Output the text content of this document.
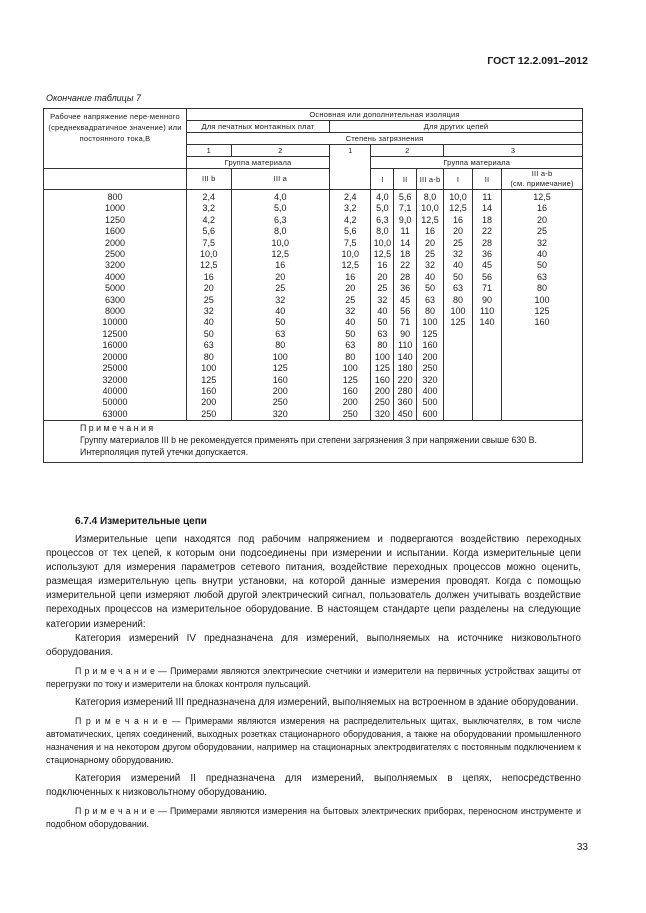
ГОСТ 12.2.091–2012
Окончание таблицы 7
Рабочее напряжение пере-менного (среднеквадратичное значение) или постоянного тока,В	Основная или дополнительная изоляция								
	Для печатных монтажных плат		Для других цепей						
	Степень загрязнения								
	1	2	1	2			3		
	Группа материала			Группа материала					
	III b	III a		I	II	III a-b	I	II	III a-b
(см. примечание)
800	2,4	4,0	2,4	4,0	5,6	8,0	10,0	11	12,5
1000	3,2	5,0	3,2	5,0	7,1	10,0	12,5	14	16
1250	4,2	6,3	4,2	6,3	9,0	12,5	16	18	20
1600	5,6	8,0	5,6	8,0	11	16	20	22	25
2000	7,5	10,0	7,5	10,0	14	20	25	28	32
2500	10,0	12,5	10,0	12,5	18	25	32	36	40
3200	12,5	16	12,5	16	22	32	40	45	50
4000	16	20	16	20	28	40	50	56	63
5000	20	25	20	25	36	50	63	71	80
6300	25	32	25	32	45	63	80	90	100
8000	32	40	32	40	56	80	100	110	125
10000	40	50	40	50	71	100	125	140	160
12500	50	63	50	63	90	125			
16000	63	80	63	80	110	160			
20000	80	100	80	100	140	200			
25000	100	125	100	125	180	250			
32000	125	160	125	160	220	320			
40000	160	200	160	200	280	400			
50000	200	250	200	250	360	500			
63000	250	320	250	320	450	600			

П р и м е ч а н и я
Группу материалов III b не рекомендуется применять при степени загрязнения 3 при напряжении свыше 630 В.
Интерполяция путей утечки допускается.									
6.7.4 Измерительные цепи

Измерительные цепи находятся под рабочим напряжением и подвергаются воздействию переходных процессов от тех цепей, к которым они подсоединены при измерении и испытании. Когда измерительные цепи используют для измерения параметров сетевого питания, воздействие переходных процессов можно оценить, размещая измерительную цепь внутри установки, на которой данные измерения проводят. Когда с помощью измерительной цепи измеряют любой другой электрический сигнал, пользователь должен учитывать воздействие переходных процессов на измерительное оборудование. В настоящем стандарте цепи разделены на следующие категории измерений:

Категория измерений IV предназначена для измерений, выполняемых на источнике низковольтного оборудования.

П р и м е ч а н и е — Примерами являются электрические счетчики и измерители на первичных устройствах защиты от перегрузки по току и измерители на блоках контроля пульсаций.

Категория измерений III предназначена для измерений, выполняемых на встроенном в здание оборудовании.

П р и м е ч а н и е — Примерами являются измерения на распределительных щитах, выключателях, в том числе автоматических, цепях соединений, выходных розетках стационарного оборудования, а также на оборудовании промышленного назначения и на некотором другом оборудовании, например на стационарных электродвигателях с постоянным подключением к стационарному оборудованию.

Категория измерений II предназначена для измерений, выполняемых в цепях, непосредственно подключенных к низковольтному оборудованию.

П р и м е ч а н и е — Примерами являются измерения на бытовых электрических приборах, переносном инструменте и подобном оборудовании.

33
